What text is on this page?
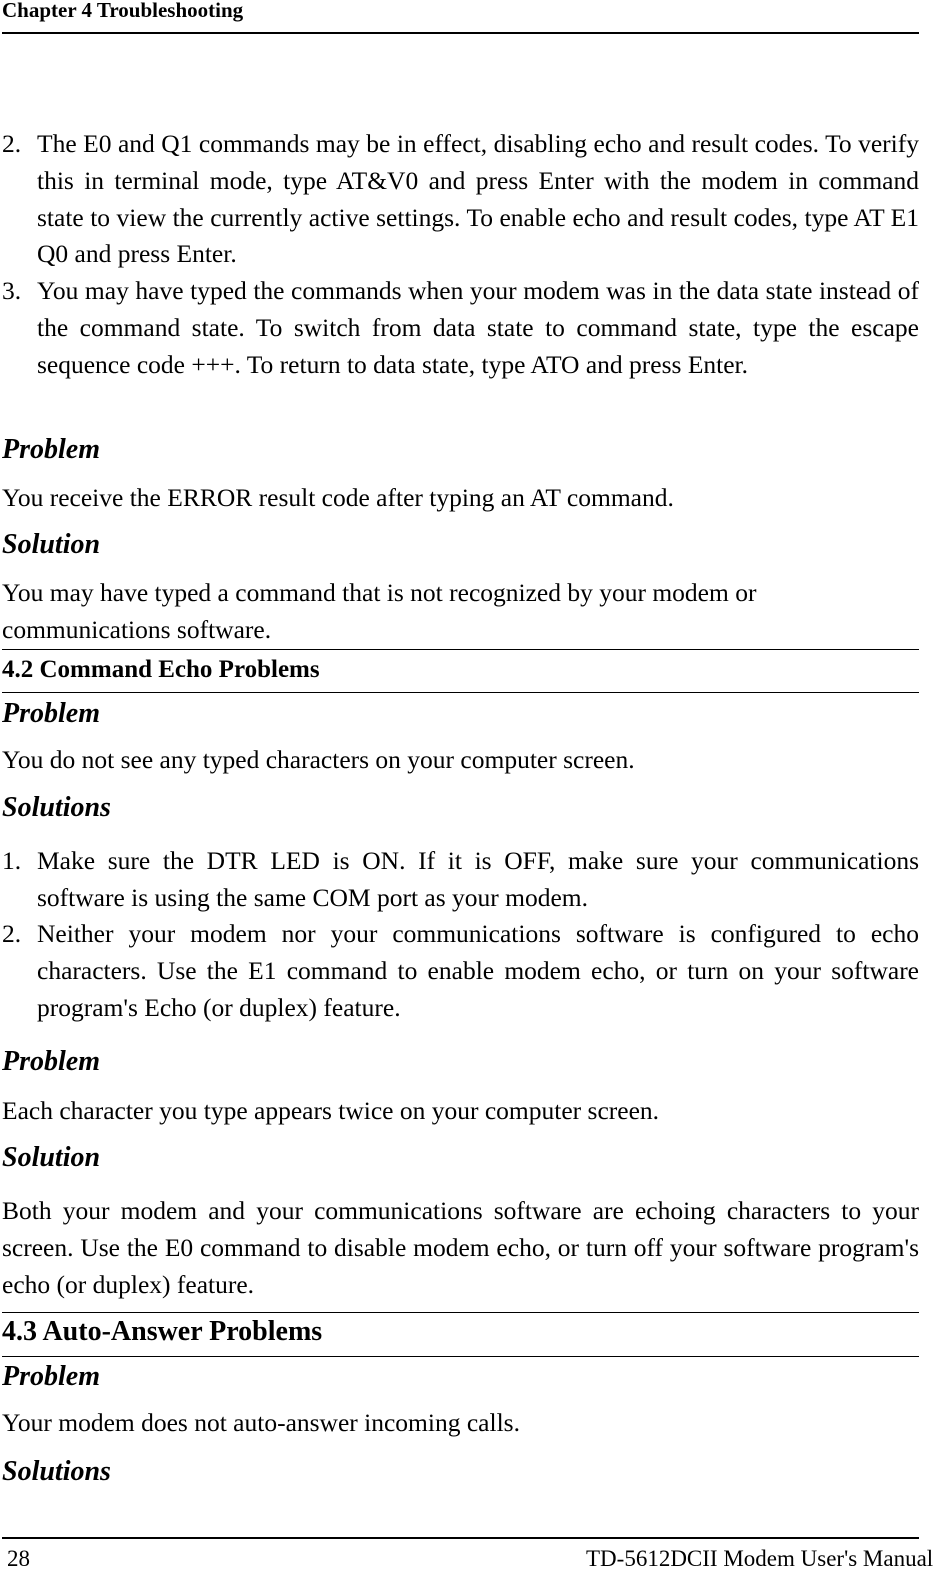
Chapter 4 Troubleshooting
2. The E0 and Q1 commands may be in effect, disabling echo and result codes. To verify this in terminal mode, type AT&V0 and press Enter with the modem in command state to view the currently active settings. To enable echo and result codes, type AT E1 Q0 and press Enter.
3. You may have typed the commands when your modem was in the data state instead of the command state. To switch from data state to command state, type the escape sequence code +++. To return to data state, type ATO and press Enter.
Problem
You receive the ERROR result code after typing an AT command.
Solution
You may have typed a command that is not recognized by your modem or communications software.
4.2 Command Echo Problems
Problem
You do not see any typed characters on your computer screen.
Solutions
1. Make sure the DTR LED is ON. If it is OFF, make sure your communications software is using the same COM port as your modem.
2. Neither your modem nor your communications software is configured to echo characters. Use the E1 command to enable modem echo, or turn on your software program's Echo (or duplex) feature.
Problem
Each character you type appears twice on your computer screen.
Solution
Both your modem and your communications software are echoing characters to your screen. Use the E0 command to disable modem echo, or turn off your software program's echo (or duplex) feature.
4.3 Auto-Answer Problems
Problem
Your modem does not auto-answer incoming calls.
Solutions
28	TD-5612DCII Modem User's Manual
